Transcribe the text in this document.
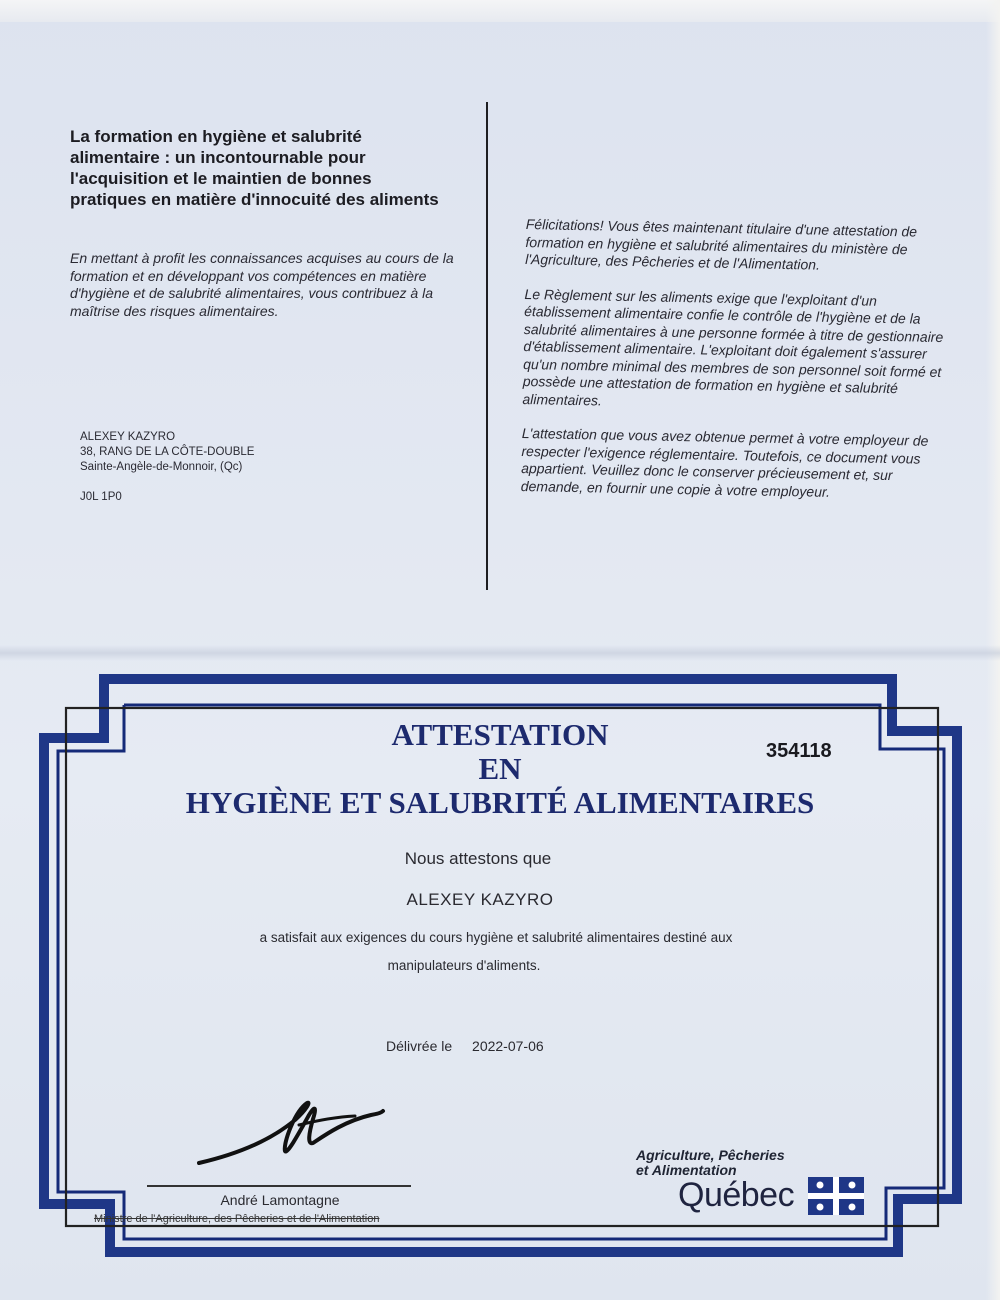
La formation en hygiène et salubrité alimentaire : un incontournable pour l'acquisition et le maintien de bonnes pratiques en matière d'innocuité des aliments
En mettant à profit les connaissances acquises au cours de la formation et en développant vos compétences en matière d'hygiène et de salubrité alimentaires, vous contribuez à la maîtrise des risques alimentaires.
ALEXEY KAZYRO
38, RANG DE LA CÔTE-DOUBLE
Sainte-Angèle-de-Monnoir, (Qc)
J0L 1P0

Félicitations! Vous êtes maintenant titulaire d'une attestation de formation en hygiène et salubrité alimentaires du ministère de l'Agriculture, des Pêcheries et de l'Alimentation.

Le Règlement sur les aliments exige que l'exploitant d'un établissement alimentaire confie le contrôle de l'hygiène et de la salubrité alimentaires à une personne formée à titre de gestionnaire d'établissement alimentaire. L'exploitant doit également s'assurer qu'un nombre minimal des membres de son personnel soit formé et possède une attestation de formation en hygiène et salubrité alimentaires.

L'attestation que vous avez obtenue permet à votre employeur de respecter l'exigence réglementaire. Toutefois, ce document vous appartient. Veuillez donc le conserver précieusement et, sur demande, en fournir une copie à votre employeur.

ATTESTATION
EN
HYGIÈNE ET SALUBRITÉ ALIMENTAIRES
354118
Nous attestons que
ALEXEY KAZYRO
a satisfait aux exigences du cours hygiène et salubrité alimentaires destiné aux
manipulateurs d'aliments.
Délivrée le 2022-07-06
André Lamontagne
Ministre de l'Agriculture, des Pêcheries et de l'Alimentation
Agriculture, Pêcheries
et Alimentation
Québec
